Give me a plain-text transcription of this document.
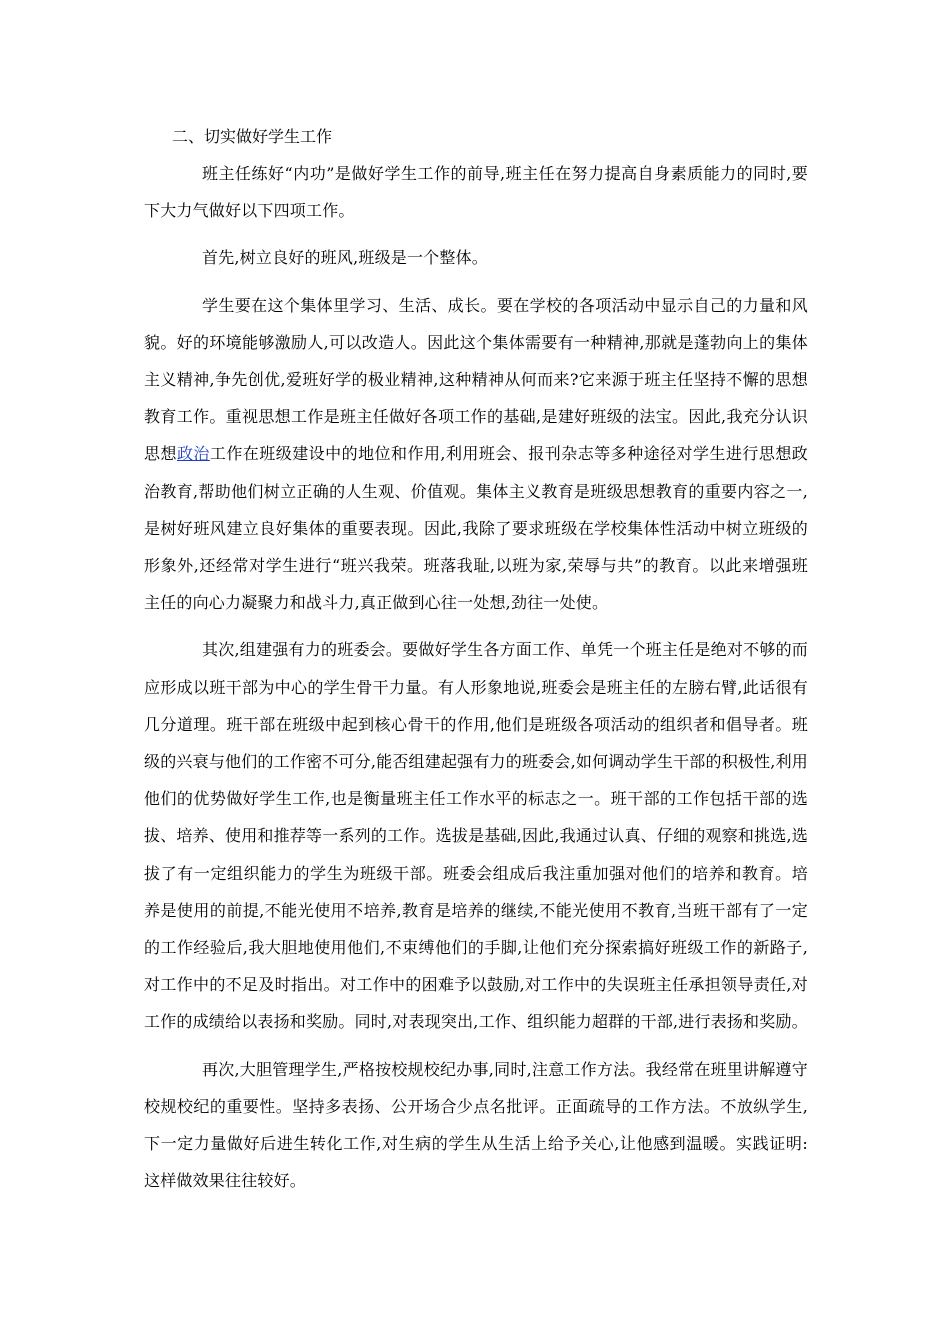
二、切实做好学生工作

班主任练好“内功”是做好学生工作的前导,班主任在努力提高自身素质能力的同时,要下大力气做好以下四项工作。

首先,树立良好的班风,班级是一个整体。

学生要在这个集体里学习、生活、成长。要在学校的各项活动中显示自己的力量和风貌。好的环境能够激励人,可以改造人。因此这个集体需要有一种精神,那就是蓬勃向上的集体主义精神,争先创优,爱班好学的极业精神,这种精神从何而来?它来源于班主任坚持不懈的思想教育工作。重视思想工作是班主任做好各项工作的基础,是建好班级的法宝。因此,我充分认识思想政治工作在班级建设中的地位和作用,利用班会、报刊杂志等多种途径对学生进行思想政治教育,帮助他们树立正确的人生观、价值观。集体主义教育是班级思想教育的重要内容之一,是树好班风建立良好集体的重要表现。因此,我除了要求班级在学校集体性活动中树立班级的形象外,还经常对学生进行“班兴我荣。班落我耻,以班为家,荣辱与共”的教育。以此来增强班主任的向心力凝聚力和战斗力,真正做到心往一处想,劲往一处使。

其次,组建强有力的班委会。要做好学生各方面工作、单凭一个班主任是绝对不够的而应形成以班干部为中心的学生骨干力量。有人形象地说,班委会是班主任的左膀右臂,此话很有几分道理。班干部在班级中起到核心骨干的作用,他们是班级各项活动的组织者和倡导者。班级的兴衰与他们的工作密不可分,能否组建起强有力的班委会,如何调动学生干部的积极性,利用他们的优势做好学生工作,也是衡量班主任工作水平的标志之一。班干部的工作包括干部的选拔、培养、使用和推荐等一系列的工作。选拔是基础,因此,我通过认真、仔细的观察和挑选,选拔了有一定组织能力的学生为班级干部。班委会组成后我注重加强对他们的培养和教育。培养是使用的前提,不能光使用不培养,教育是培养的继续,不能光使用不教育,当班干部有了一定的工作经验后,我大胆地使用他们,不束缚他们的手脚,让他们充分探索搞好班级工作的新路子,对工作中的不足及时指出。对工作中的困难予以鼓励,对工作中的失误班主任承担领导责任,对工作的成绩给以表扬和奖励。同时,对表现突出,工作、组织能力超群的干部,进行表扬和奖励。

再次,大胆管理学生,严格按校规校纪办事,同时,注意工作方法。我经常在班里讲解遵守校规校纪的重要性。坚持多表扬、公开场合少点名批评。正面疏导的工作方法。不放纵学生,下一定力量做好后进生转化工作,对生病的学生从生活上给予关心,让他感到温暖。实践证明:这样做效果往往较好。
